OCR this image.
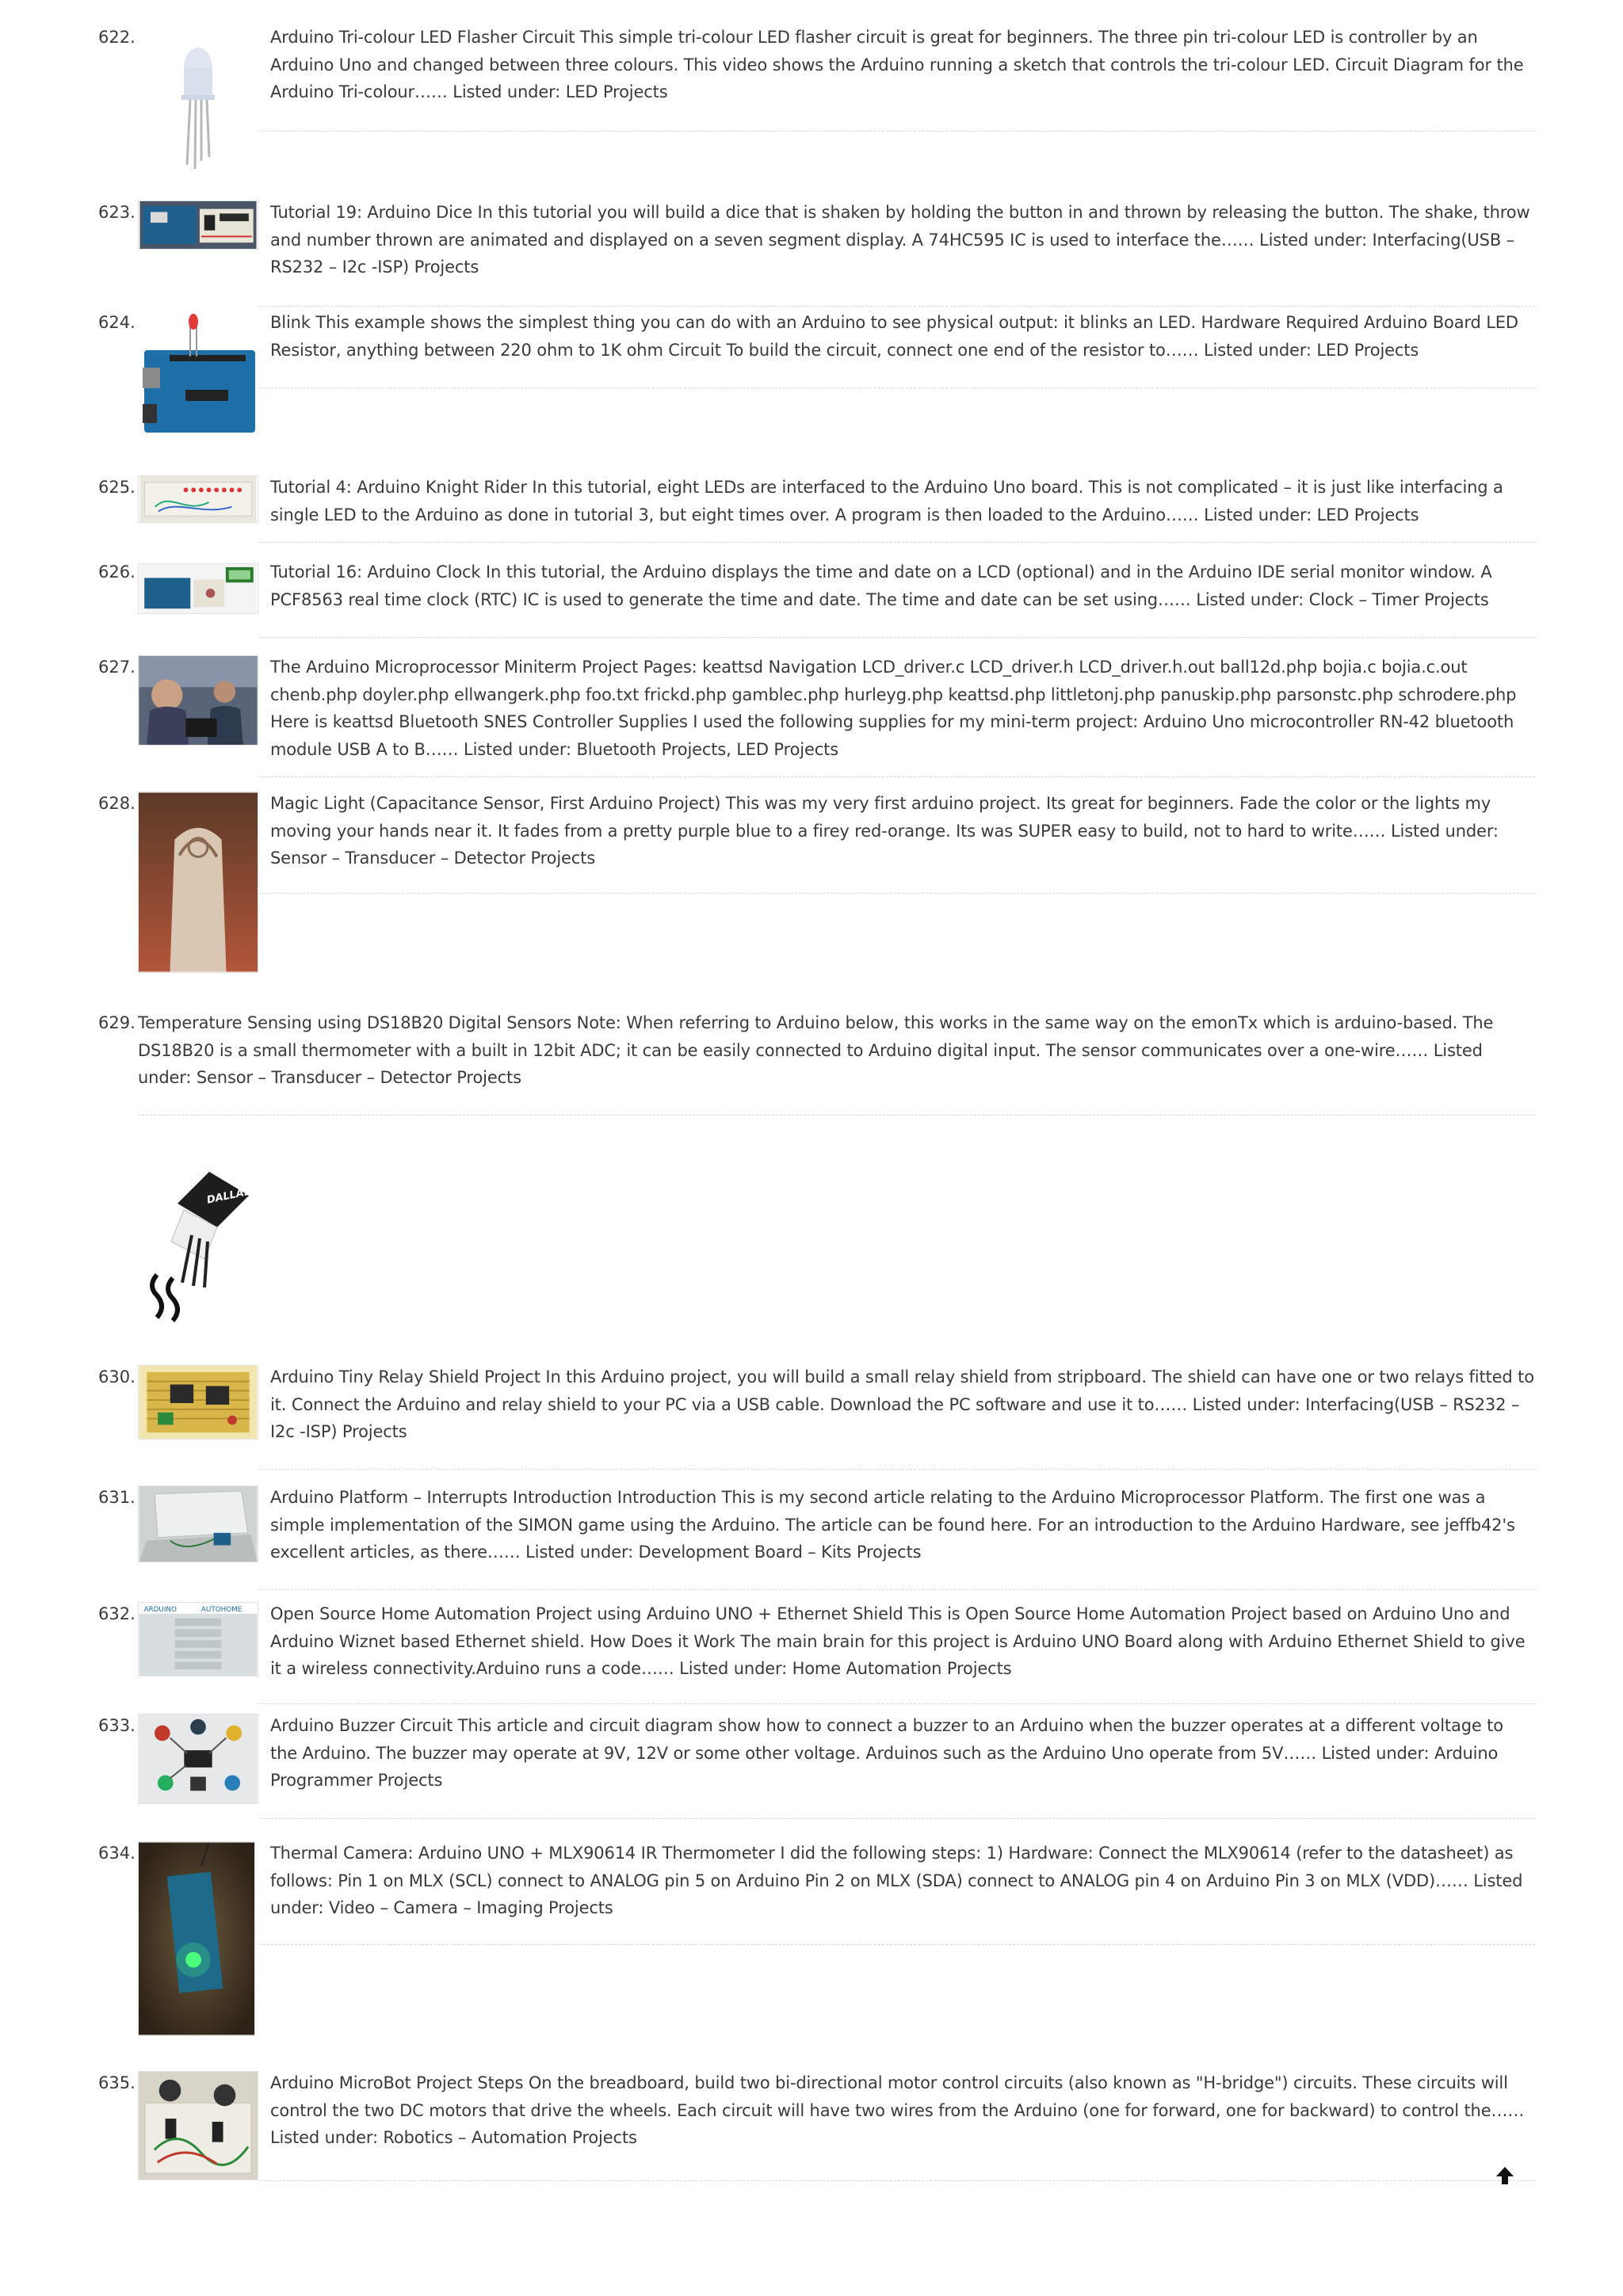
622.	Arduino Tri-colour LED Flasher Circuit This simple tri-colour LED flasher circuit is great for beginners. The three pin tri-colour LED is controller by an Arduino Uno and changed between three colours. This video shows the Arduino running a sketch that controls the tri-colour LED. Circuit Diagram for the Arduino Tri-colour…… Listed under: LED Projects
623.	Tutorial 19: Arduino Dice In this tutorial you will build a dice that is shaken by holding the button in and thrown by releasing the button. The shake, throw and number thrown are animated and displayed on a seven segment display. A 74HC595 IC is used to interface the…… Listed under: Interfacing(USB – RS232 – I2c -ISP) Projects
624.	Blink This example shows the simplest thing you can do with an Arduino to see physical output: it blinks an LED. Hardware Required Arduino Board LED Resistor, anything between 220 ohm to 1K ohm Circuit To build the circuit, connect one end of the resistor to…… Listed under: LED Projects
625.	Tutorial 4: Arduino Knight Rider In this tutorial, eight LEDs are interfaced to the Arduino Uno board. This is not complicated – it is just like interfacing a single LED to the Arduino as done in tutorial 3, but eight times over. A program is then loaded to the Arduino…… Listed under: LED Projects
626.	Tutorial 16: Arduino Clock In this tutorial, the Arduino displays the time and date on a LCD (optional) and in the Arduino IDE serial monitor window. A PCF8563 real time clock (RTC) IC is used to generate the time and date. The time and date can be set using…… Listed under: Clock – Timer Projects
627.	The Arduino Microprocessor Miniterm Project Pages: keattsd Navigation LCD_driver.c LCD_driver.h LCD_driver.h.out ball12d.php bojia.c bojia.c.out chenb.php doyler.php ellwangerk.php foo.txt frickd.php gamblec.php hurleyg.php keattsd.php littletonj.php panuskip.php parsonstc.php schrodere.php Here is keattsd Bluetooth SNES Controller Supplies I used the following supplies for my mini-term project: Arduino Uno microcontroller RN-42 bluetooth module USB A to B…… Listed under: Bluetooth Projects, LED Projects
628.	Magic Light (Capacitance Sensor, First Arduino Project) This was my very first arduino project. Its great for beginners. Fade the color or the lights my moving your hands near it. It fades from a pretty purple blue to a firey red-orange. Its was SUPER easy to build, not to hard to write…… Listed under: Sensor – Transducer – Detector Projects
629. Temperature Sensing using DS18B20 Digital Sensors Note: When referring to Arduino below, this works in the same way on the emonTx which is arduino-based. The DS18B20 is a small thermometer with a built in 12bit ADC; it can be easily connected to Arduino digital input. The sensor communicates over a one-wire…… Listed under: Sensor – Transducer – Detector Projects
DALLAS
630.	Arduino Tiny Relay Shield Project In this Arduino project, you will build a small relay shield from stripboard. The shield can have one or two relays fitted to it. Connect the Arduino and relay shield to your PC via a USB cable. Download the PC software and use it to…… Listed under: Interfacing(USB – RS232 – I2c -ISP) Projects
631.	Arduino Platform – Interrupts Introduction Introduction This is my second article relating to the Arduino Microprocessor Platform. The first one was a simple implementation of the SIMON game using the Arduino. The article can be found here. For an introduction to the Arduino Hardware, see jeffb42's excellent articles, as there…… Listed under: Development Board – Kits Projects
632. ARDUINO	AUTOHOME Open Source Home Automation Project using Arduino UNO + Ethernet Shield This is Open Source Home Automation Project based on Arduino Uno and Arduino Wiznet based Ethernet shield. How Does it Work The main brain for this project is Arduino UNO Board along with Arduino Ethernet Shield to give it a wireless connectivity.Arduino runs a code…… Listed under: Home Automation Projects
633.	Arduino Buzzer Circuit This article and circuit diagram show how to connect a buzzer to an Arduino when the buzzer operates at a different voltage to the Arduino. The buzzer may operate at 9V, 12V or some other voltage. Arduinos such as the Arduino Uno operate from 5V…… Listed under: Arduino Programmer Projects
634.	Thermal Camera: Arduino UNO + MLX90614 IR Thermometer I did the following steps: 1) Hardware: Connect the MLX90614 (refer to the datasheet) as follows: Pin 1 on MLX (SCL) connect to ANALOG pin 5 on Arduino Pin 2 on MLX (SDA) connect to ANALOG pin 4 on Arduino Pin 3 on MLX (VDD)…… Listed under: Video – Camera – Imaging Projects
635.	Arduino MicroBot Project Steps On the breadboard, build two bi-directional motor control circuits (also known as "H-bridge") circuits. These circuits will control the two DC motors that drive the wheels. Each circuit will have two wires from the Arduino (one for forward, one for backward) to control the…… Listed under: Robotics – Automation Projects
